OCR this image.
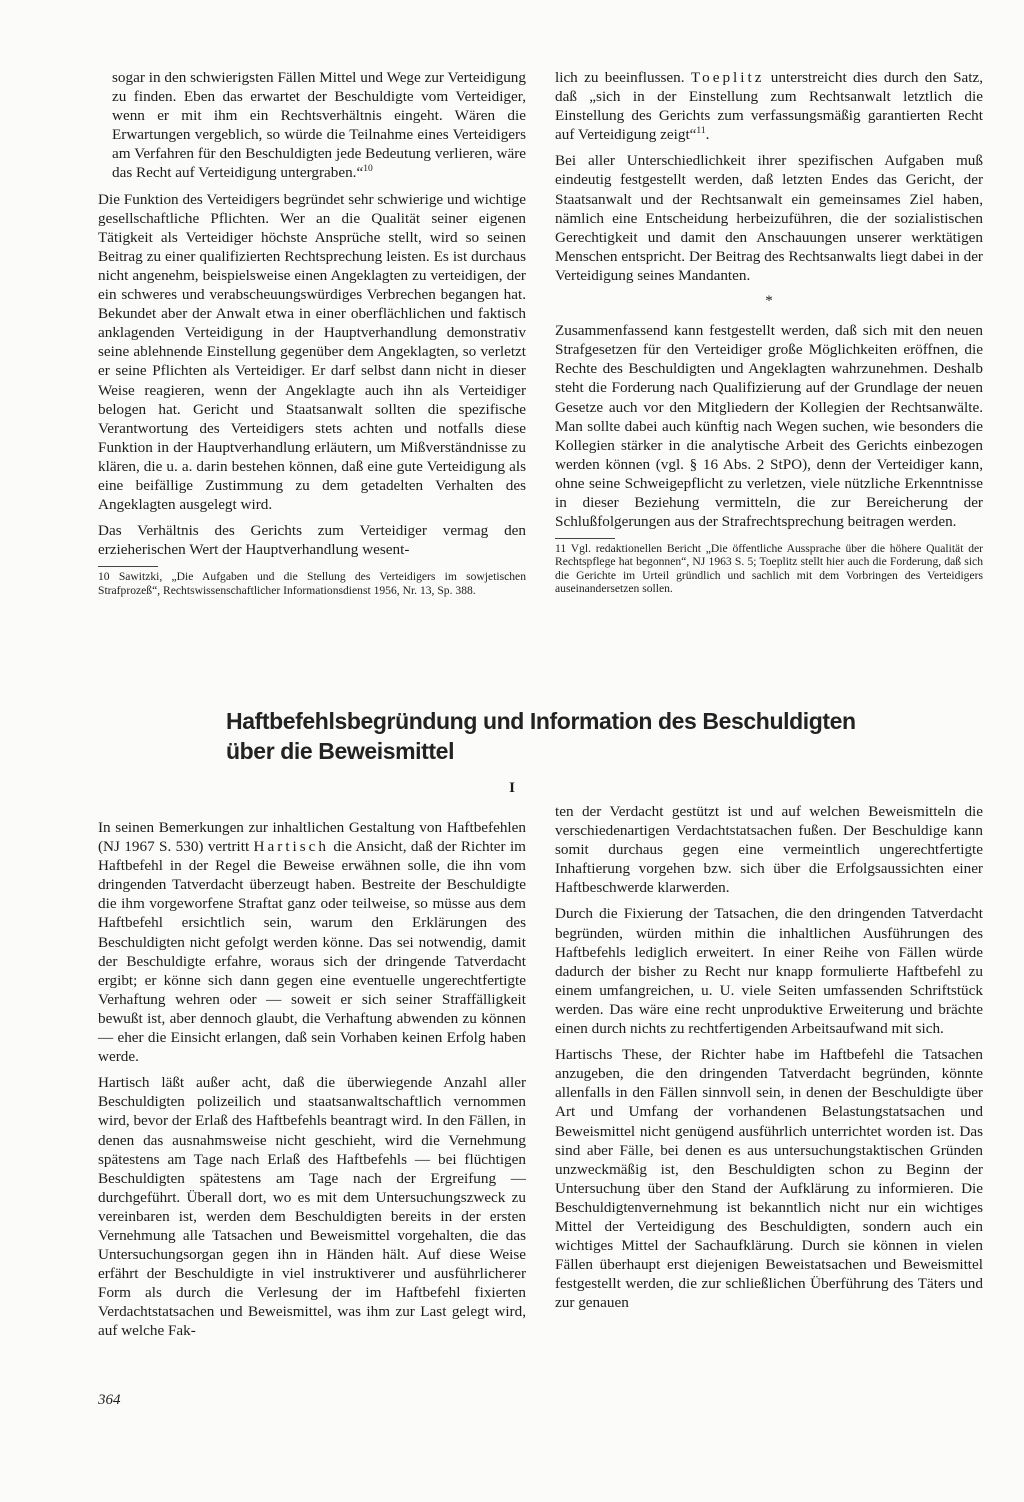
sogar in den schwierigsten Fällen Mittel und Wege zur Verteidigung zu finden. Eben das erwartet der Beschuldigte vom Verteidiger, wenn er mit ihm ein Rechtsverhältnis eingeht. Wären die Erwartungen vergeblich, so würde die Teilnahme eines Verteidigers am Verfahren für den Beschuldigten jede Bedeutung verlieren, wäre das Recht auf Verteidigung untergraben.“$^{10}$

Die Funktion des Verteidigers begründet sehr schwierige und wichtige gesellschaftliche Pflichten. Wer an die Qualität seiner eigenen Tätigkeit als Verteidiger höchste Ansprüche stellt, wird so seinen Beitrag zu einer qualifizierten Rechtsprechung leisten. Es ist durchaus nicht angenehm, beispielsweise einen Angeklagten zu verteidigen, der ein schweres und verabscheuungswürdiges Verbrechen begangen hat. Bekundet aber der Anwalt etwa in einer oberflächlichen und faktisch anklagenden Verteidigung in der Hauptverhandlung demonstrativ seine ablehnende Einstellung gegenüber dem Angeklagten, so verletzt er seine Pflichten als Verteidiger. Er darf selbst dann nicht in dieser Weise reagieren, wenn der Angeklagte auch ihn als Verteidiger belogen hat. Gericht und Staatsanwalt sollten die spezifische Verantwortung des Verteidigers stets achten und notfalls diese Funktion in der Hauptverhandlung erläutern, um Mißverständnisse zu klären, die u. a. darin bestehen können, daß eine gute Verteidigung als eine beifällige Zustimmung zu dem getadelten Verhalten des Angeklagten ausgelegt wird.

Das Verhältnis des Gerichts zum Verteidiger vermag den erzieherischen Wert der Hauptverhandlung wesent-

10 Sawitzki, „Die Aufgaben und die Stellung des Verteidigers im sowjetischen Strafprozeß“, Rechtswissenschaftlicher Informationsdienst 1956, Nr. 13, Sp. 388.

lich zu beeinflussen. Toeplitz unterstreicht dies durch den Satz, daß „sich in der Einstellung zum Rechtsanwalt letztlich die Einstellung des Gerichts zum verfassungsmäßig garantierten Recht auf Verteidigung zeigt“$^{11}$.

Bei aller Unterschiedlichkeit ihrer spezifischen Aufgaben muß eindeutig festgestellt werden, daß letzten Endes das Gericht, der Staatsanwalt und der Rechtsanwalt ein gemeinsames Ziel haben, nämlich eine Entscheidung herbeizuführen, die der sozialistischen Gerechtigkeit und damit den Anschauungen unserer werktätigen Menschen entspricht. Der Beitrag des Rechtsanwalts liegt dabei in der Verteidigung seines Mandanten.

*

Zusammenfassend kann festgestellt werden, daß sich mit den neuen Strafgesetzen für den Verteidiger große Möglichkeiten eröffnen, die Rechte des Beschuldigten und Angeklagten wahrzunehmen. Deshalb steht die Forderung nach Qualifizierung auf der Grundlage der neuen Gesetze auch vor den Mitgliedern der Kollegien der Rechtsanwälte. Man sollte dabei auch künftig nach Wegen suchen, wie besonders die Kollegien stärker in die analytische Arbeit des Gerichts einbezogen werden können (vgl. § 16 Abs. 2 StPO), denn der Verteidiger kann, ohne seine Schweigepflicht zu verletzen, viele nützliche Erkenntnisse in dieser Beziehung vermitteln, die zur Bereicherung der Schlußfolgerungen aus der Strafrechtsprechung beitragen werden.

11 Vgl. redaktionellen Bericht „Die öffentliche Aussprache über die höhere Qualität der Rechtspflege hat begonnen“, NJ 1963 S. 5; Toeplitz stellt hier auch die Forderung, daß sich die Gerichte im Urteil gründlich und sachlich mit dem Vorbringen des Verteidigers auseinandersetzen sollen.

Haftbefehlsbegründung und Information des Beschuldigten
über die Beweismittel
I

In seinen Bemerkungen zur inhaltlichen Gestaltung von Haftbefehlen (NJ 1967 S. 530) vertritt Hartisch die Ansicht, daß der Richter im Haftbefehl in der Regel die Beweise erwähnen solle, die ihn vom dringenden Tatverdacht überzeugt haben. Bestreite der Beschuldigte die ihm vorgeworfene Straftat ganz oder teilweise, so müsse aus dem Haftbefehl ersichtlich sein, warum den Erklärungen des Beschuldigten nicht gefolgt werden könne. Das sei notwendig, damit der Beschuldigte erfahre, woraus sich der dringende Tatverdacht ergibt; er könne sich dann gegen eine eventuelle ungerechtfertigte Verhaftung wehren oder — soweit er sich seiner Straffälligkeit bewußt ist, aber dennoch glaubt, die Verhaftung abwenden zu können — eher die Einsicht erlangen, daß sein Vorhaben keinen Erfolg haben werde.

Hartisch läßt außer acht, daß die überwiegende Anzahl aller Beschuldigten polizeilich und staatsanwaltschaftlich vernommen wird, bevor der Erlaß des Haftbefehls beantragt wird. In den Fällen, in denen das ausnahmsweise nicht geschieht, wird die Vernehmung spätestens am Tage nach Erlaß des Haftbefehls — bei flüchtigen Beschuldigten spätestens am Tage nach der Ergreifung — durchgeführt. Überall dort, wo es mit dem Untersuchungszweck zu vereinbaren ist, werden dem Beschuldigten bereits in der ersten Vernehmung alle Tatsachen und Beweismittel vorgehalten, die das Untersuchungsorgan gegen ihn in Händen hält. Auf diese Weise erfährt der Beschuldigte in viel instruktiverer und ausführlicherer Form als durch die Verlesung der im Haftbefehl fixierten Verdachtstatsachen und Beweismittel, was ihm zur Last gelegt wird, auf welche Fak-

ten der Verdacht gestützt ist und auf welchen Beweismitteln die verschiedenartigen Verdachtstatsachen fußen. Der Beschuldige kann somit durchaus gegen eine vermeintlich ungerechtfertigte Inhaftierung vorgehen bzw. sich über die Erfolgsaussichten einer Haftbeschwerde klarwerden.

Durch die Fixierung der Tatsachen, die den dringenden Tatverdacht begründen, würden mithin die inhaltlichen Ausführungen des Haftbefehls lediglich erweitert. In einer Reihe von Fällen würde dadurch der bisher zu Recht nur knapp formulierte Haftbefehl zu einem umfangreichen, u. U. viele Seiten umfassenden Schriftstück werden. Das wäre eine recht unproduktive Erweiterung und brächte einen durch nichts zu rechtfertigenden Arbeitsaufwand mit sich.

Hartischs These, der Richter habe im Haftbefehl die Tatsachen anzugeben, die den dringenden Tatverdacht begründen, könnte allenfalls in den Fällen sinnvoll sein, in denen der Beschuldigte über Art und Umfang der vorhandenen Belastungstatsachen und Beweismittel nicht genügend ausführlich unterrichtet worden ist. Das sind aber Fälle, bei denen es aus untersuchungstaktischen Gründen unzweckmäßig ist, den Beschuldigten schon zu Beginn der Untersuchung über den Stand der Aufklärung zu informieren. Die Beschuldigtenvernehmung ist bekanntlich nicht nur ein wichtiges Mittel der Verteidigung des Beschuldigten, sondern auch ein wichtiges Mittel der Sachaufklärung. Durch sie können in vielen Fällen überhaupt erst diejenigen Beweistatsachen und Beweismittel festgestellt werden, die zur schließlichen Überführung des Täters und zur genauen

364
